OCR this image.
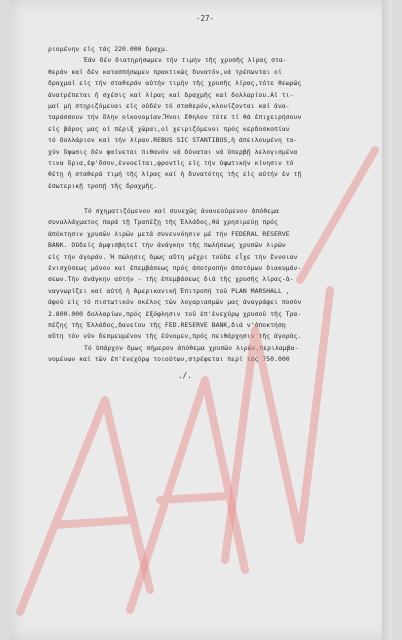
-27-
ριομένην εἰς τάς 220.000 δραχμ.
Ἐάν δέν διατηρήσωμεν τήν τιμήν τῆς χρυσῆς λίρας στα-
θεράν καί δέν κατασπήσωμεν πρακτικῶς δυνατόν,νά τρέπωνται οἱ
δραχμαί εἰς τήν σταθεράν αὐτήν τιμήν τῆς χρυσῆς λίρας,τότε θεωρῶς
ἀνατρέπεται ἡ σχέσις καί λίρας καί δραχμῆς καί δολλαρίου.Αἱ τι-
μαί μή στηριζόμεναι εἰς οὐδέν τό σταθερόν,κλονίζονται καί ἀνα-
ταράσσουν τήν ὅλην οἰκονομίαν.Ἤνοι ἔθηλον τότε τί θά ἐπιχειρήσουν
εἰς βάρος μας οἱ πέριξ χῶραι,οἱ χειριζόμενοι πρός κερδοσκοπίαν
τό δολλάριον καί τήν λίραν.REBUS SIC STANTIBUS,ἡ ἀπειλουμένη τα-
χύν ὕψωσις δέν φαίνεται πιθανόν νά δύναται νά ὑπερβῇ λελογισμένα
τινα ὅρια,ἐφ'ὅσον,ἐννοεῖται,φροντὶς εἰς τήν ὑψωτικήν κίνησιν τό
θέτῃ ἡ σταθερά τιμή τῆς λίρας καί ἡ δυνατότης τῆς εἰς αὐτήν ἐν τῇ
ἐσωτερικῇ τροπῇ τῆς δραχμῆς.
Τό σχηματιζόμενον καί συνεχῶς ἀνανεούμενον ἀπόθεμα
συναλλάγματος παρά τῇ Τραπέζῃ τῆς Ἑλλάδος,θά χρησιμεύῃ πρός
ἀπόκτησιν χρυσῶν λιρῶν μετά συνεννόησιν μέ τήν FEDERAL RESERVE
BANK. Οὐδείς ἀμφισβητεῖ τήν ἀνάγκην τῆς πωλήσεως χρυσῶν λιρῶν
εἰς τήν ἀγοράν. Ἡ πώλησις ὅμως αὕτη μέχρι τοῦδε εἶχε τήν ἔννοιαν
ἐνισχύσεως μόνον καί ἐπεμβάσεως πρός ἀποτροπήν ἀποτόμων διακυμάν-
σεων.Τήν ἀνάγκην αὐτήν - τῆς ἐπεμβάσεως διά τῆς χρυσῆς λίρας-ἀ-
ναγνωρίζει καί αὐτή ἡ Ἀμερικανική Ἐπιτροπή τοῦ PLAN MARSHALL ,
ἀφοῦ εἰς τό πιστωτικόν σκέλος τῶν λογαριασμῶν μας ἀναγράφει ποσόν
2.800.000 δολλαρίων,πρός ἐξόφλησιν τοῦ ἐπ'ἐνεχύρῳ χρυσοῦ τῆς Τρα-
πέζης τῆς Ἑλλάδος,δανείου τῆς FED.RESERVE BANK,διά ν'ἀποκτήσῃ
αὕτη τόν νῦν δεσμευμένον τῆς ἐύνομεν,πρός πειθάρχησιν τῆς ἀγορᾶς.
Τό ὑπάρχον ὅμως σήμερον ἀπόθεμα χρυσῶν λιρῶν,περιλαμβα-
νομένων καί τῶν ἐπ'ἐνεχύρῳ τοιούτων,στρέφεται περί τάς 750.000
./.
